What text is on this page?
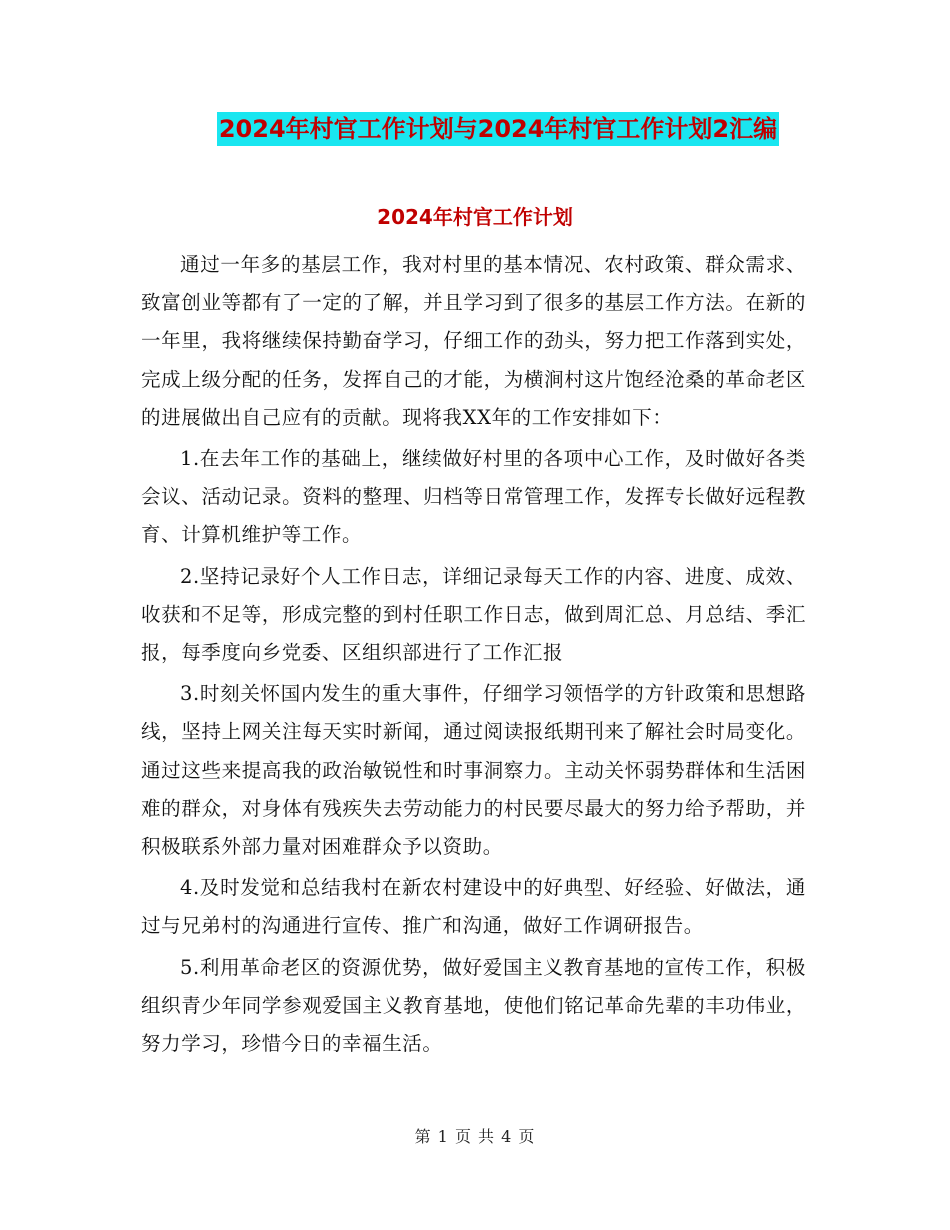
2024年村官工作计划与2024年村官工作计划2汇编
2024年村官工作计划

通过一年多的基层工作，我对村里的基本情况、农村政策、群众需求、致富创业等都有了一定的了解，并且学习到了很多的基层工作方法。在新的一年里，我将继续保持勤奋学习，仔细工作的劲头，努力把工作落到实处，完成上级分配的任务，发挥自己的才能，为横涧村这片饱经沧桑的革命老区的进展做出自己应有的贡献。现将我XX年的工作安排如下：

1.在去年工作的基础上，继续做好村里的各项中心工作，及时做好各类会议、活动记录。资料的整理、归档等日常管理工作，发挥专长做好远程教育、计算机维护等工作。

2.坚持记录好个人工作日志，详细记录每天工作的内容、进度、成效、收获和不足等，形成完整的到村任职工作日志，做到周汇总、月总结、季汇报，每季度向乡党委、区组织部进行了工作汇报

3.时刻关怀国内发生的重大事件，仔细学习领悟学的方针政策和思想路线，坚持上网关注每天实时新闻，通过阅读报纸期刊来了解社会时局变化。通过这些来提高我的政治敏锐性和时事洞察力。主动关怀弱势群体和生活困难的群众，对身体有残疾失去劳动能力的村民要尽最大的努力给予帮助，并积极联系外部力量对困难群众予以资助。

4.及时发觉和总结我村在新农村建设中的好典型、好经验、好做法，通过与兄弟村的沟通进行宣传、推广和沟通，做好工作调研报告。

5.利用革命老区的资源优势，做好爱国主义教育基地的宣传工作，积极组织青少年同学参观爱国主义教育基地，使他们铭记革命先辈的丰功伟业，努力学习，珍惜今日的幸福生活。

第 1 页 共 4 页
